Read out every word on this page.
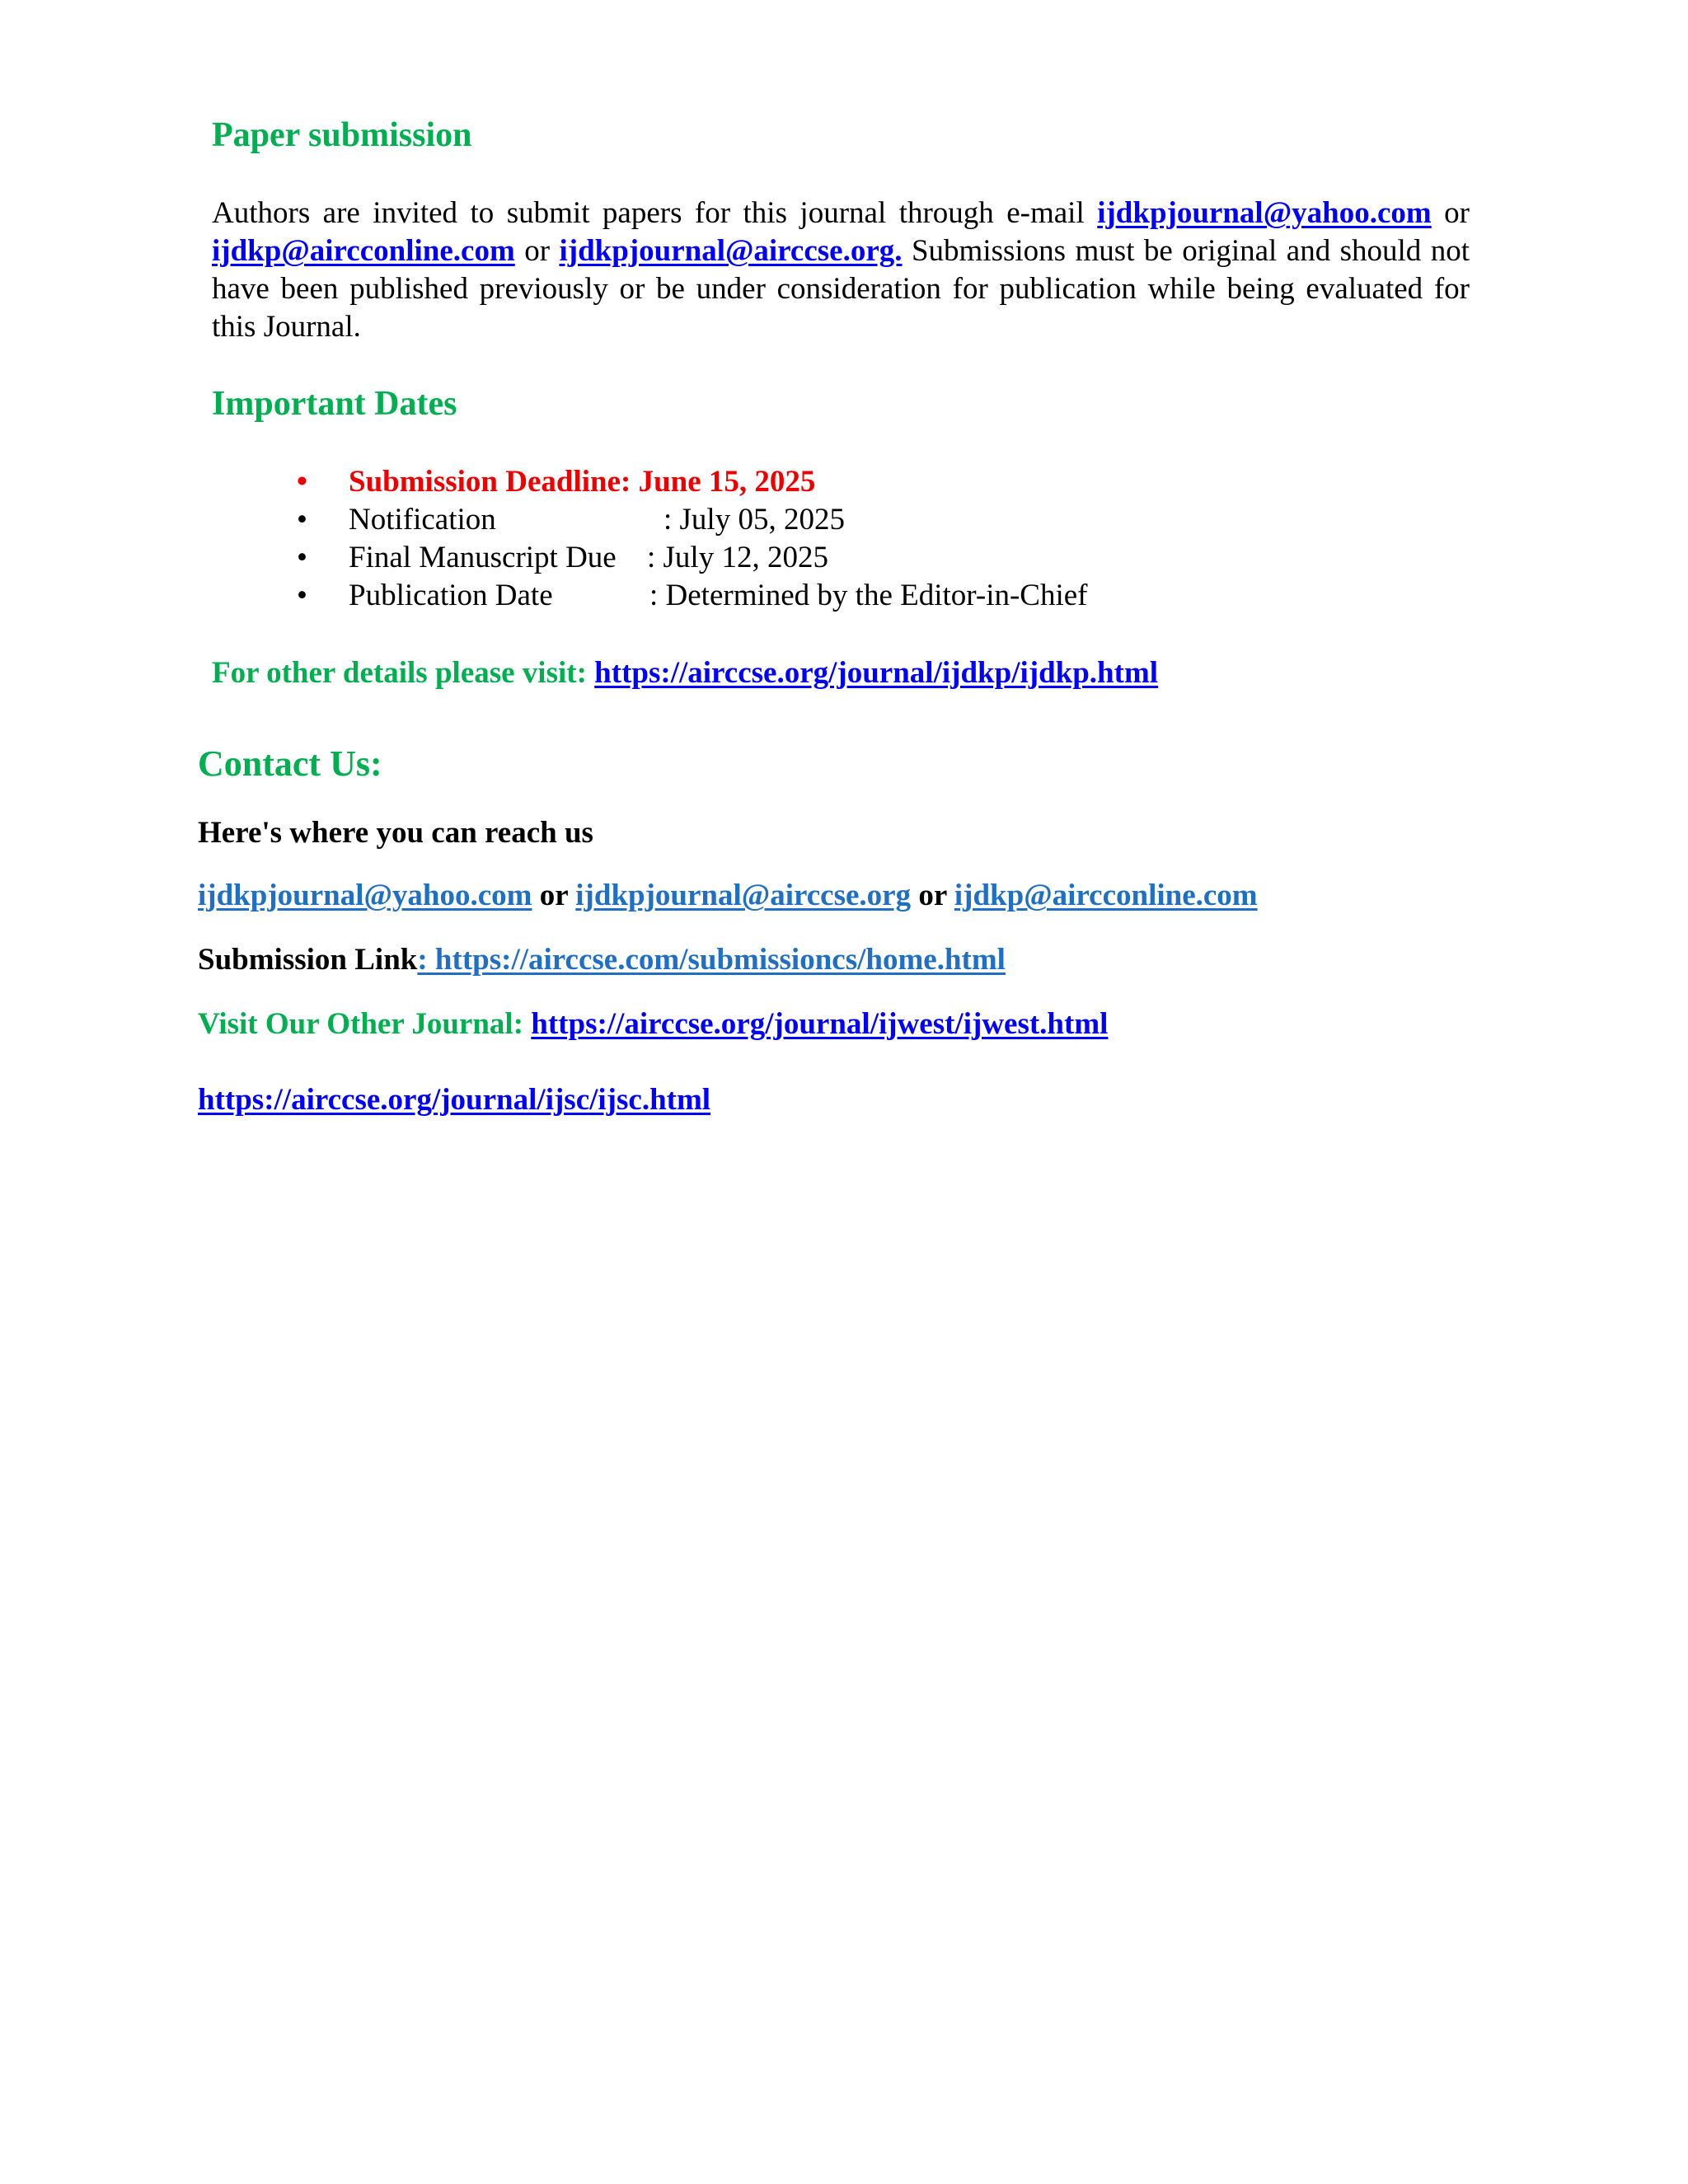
Paper submission

Authors are invited to submit papers for this journal through e-mail ijdkpjournal@yahoo.com or ijdkp@aircconline.com or ijdkpjournal@airccse.org. Submissions must be original and should not have been published previously or be under consideration for publication while being evaluated for this Journal.

Important Dates
• Submission Deadline: June 15, 2025
• Notification	: July 05, 2025
• Final Manuscript Due : July 12, 2025
• Publication Date	: Determined by the Editor-in-Chief

For other details please visit: https://airccse.org/journal/ijdkp/ijdkp.html

Contact Us:

Here's where you can reach us

ijdkpjournal@yahoo.com or ijdkpjournal@airccse.org or ijdkp@aircconline.com

Submission Link: https://airccse.com/submissioncs/home.html

Visit Our Other Journal: https://airccse.org/journal/ijwest/ijwest.html

https://airccse.org/journal/ijsc/ijsc.html
